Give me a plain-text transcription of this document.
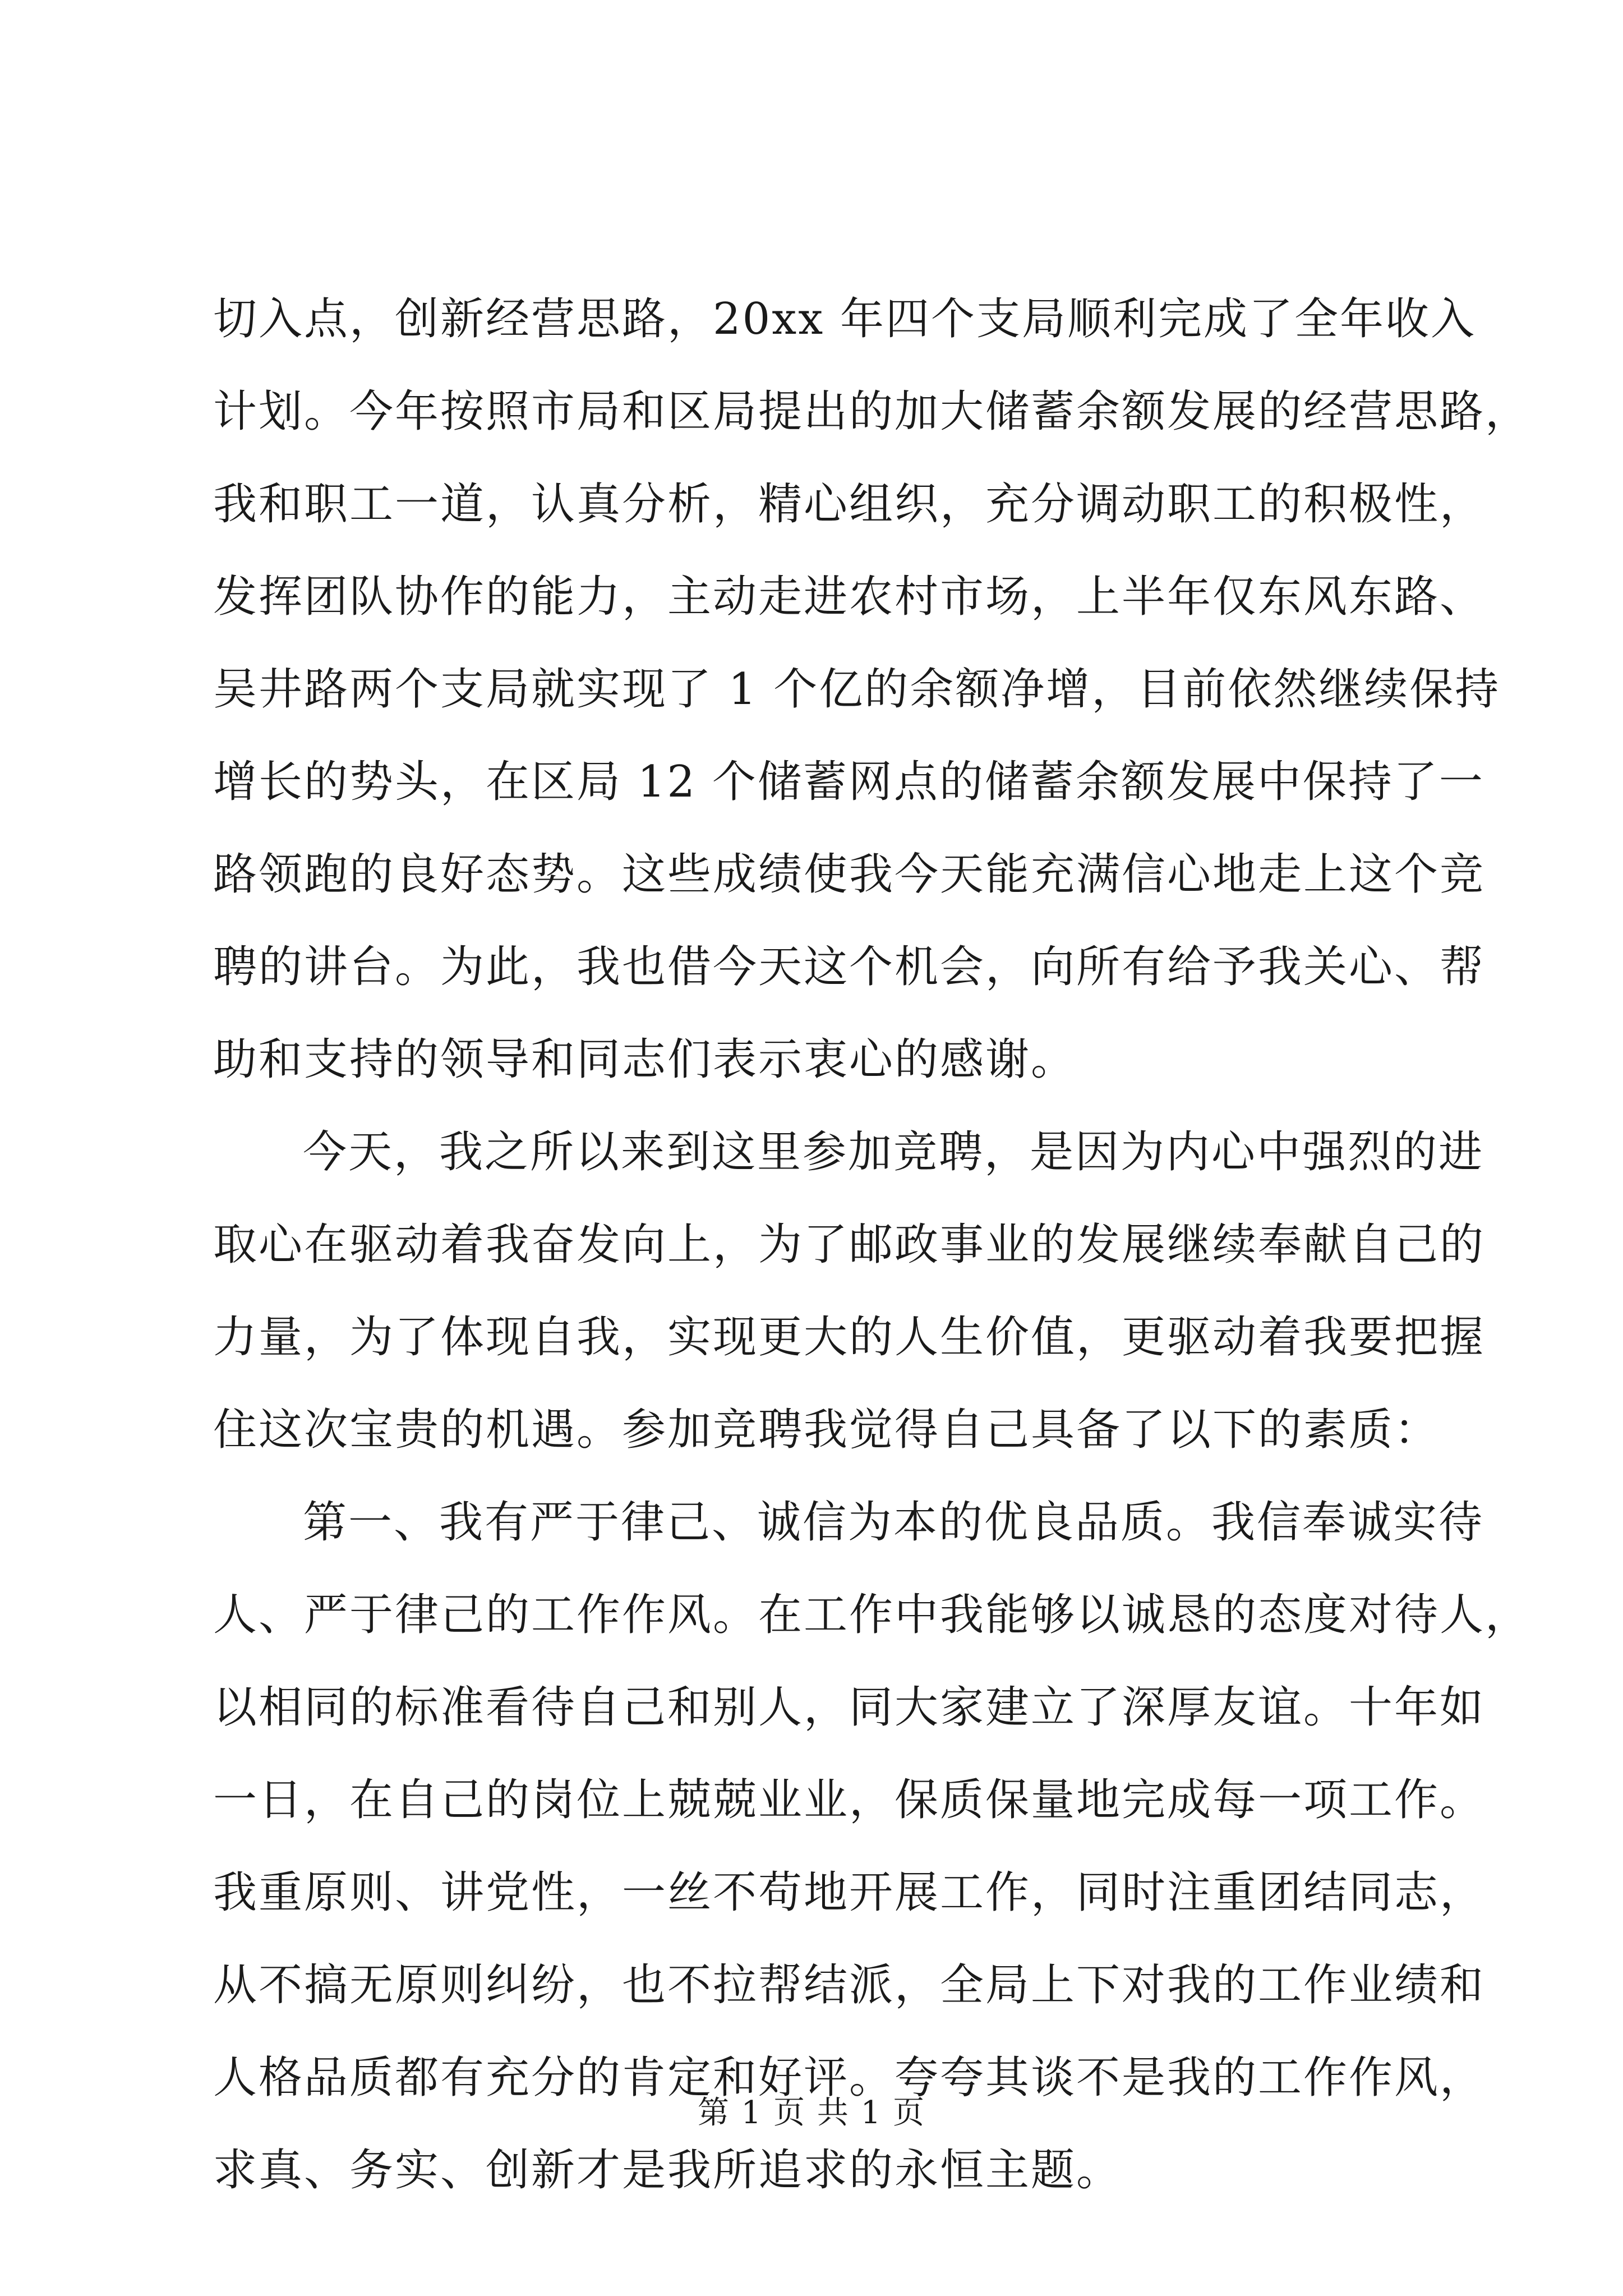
切入点，创新经营思路，20xx 年四个支局顺利完成了全年收入
计划。今年按照市局和区局提出的加大储蓄余额发展的经营思路，
我和职工一道，认真分析，精心组织，充分调动职工的积极性，
发挥团队协作的能力，主动走进农村市场，上半年仅东风东路、
吴井路两个支局就实现了 1 个亿的余额净增，目前依然继续保持
增长的势头，在区局 12 个储蓄网点的储蓄余额发展中保持了一
路领跑的良好态势。这些成绩使我今天能充满信心地走上这个竞
聘的讲台。为此，我也借今天这个机会，向所有给予我关心、帮
助和支持的领导和同志们表示衷心的感谢。
今天，我之所以来到这里参加竞聘，是因为内心中强烈的进
取心在驱动着我奋发向上，为了邮政事业的发展继续奉献自己的
力量，为了体现自我，实现更大的人生价值，更驱动着我要把握
住这次宝贵的机遇。参加竞聘我觉得自己具备了以下的素质：
第一、我有严于律己、诚信为本的优良品质。我信奉诚实待
人、严于律己的工作作风。在工作中我能够以诚恳的态度对待人，
以相同的标准看待自己和别人，同大家建立了深厚友谊。十年如
一日，在自己的岗位上兢兢业业，保质保量地完成每一项工作。
我重原则、讲党性，一丝不苟地开展工作，同时注重团结同志，
从不搞无原则纠纷，也不拉帮结派，全局上下对我的工作业绩和
人格品质都有充分的肯定和好评。夸夸其谈不是我的工作作风，
求真、务实、创新才是我所追求的永恒主题。
第 1 页 共 1 页
